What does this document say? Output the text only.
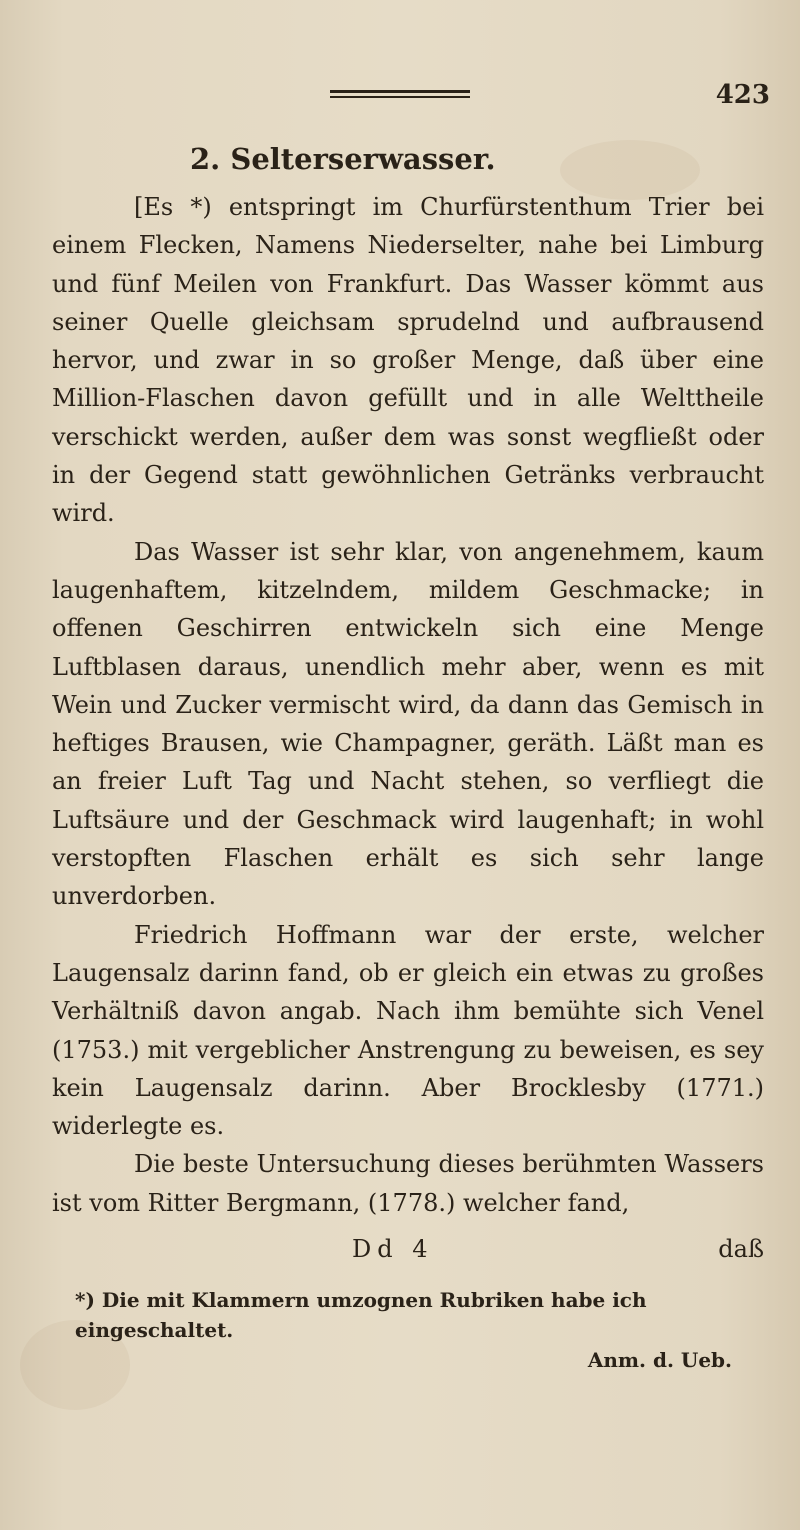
423
2. Selterserwasser.

[Es *) entspringt im Churfürstenthum Trier bei einem Flecken, Namens Niederselter, nahe bei Limburg und fünf Meilen von Frankfurt. Das Wasser kömmt aus seiner Quelle gleichsam sprudelnd und aufbrausend hervor, und zwar in so großer Menge, daß über eine Million-Flaschen davon gefüllt und in alle Welttheile verschickt werden, außer dem was sonst wegfließt oder in der Gegend statt gewöhnlichen Getränks verbraucht wird.

Das Wasser ist sehr klar, von angenehmem, kaum laugenhaftem, kitzelndem, mildem Geschmacke; in offenen Geschirren entwickeln sich eine Menge Luftblasen daraus, unendlich mehr aber, wenn es mit Wein und Zucker vermischt wird, da dann das Gemisch in heftiges Brausen, wie Champagner, geräth. Läßt man es an freier Luft Tag und Nacht stehen, so verfliegt die Luftsäure und der Geschmack wird laugenhaft; in wohl verstopften Flaschen erhält es sich sehr lange unverdorben.

Friedrich Hoffmann war der erste, welcher Laugensalz darinn fand, ob er gleich ein etwas zu großes Verhältniß davon angab. Nach ihm bemühte sich Venel (1753.) mit vergeblicher Anstrengung zu beweisen, es sey kein Laugensalz darinn. Aber Brocklesby (1771.) widerlegte es.

Die beste Untersuchung dieses berühmten Wassers ist vom Ritter Bergmann, (1778.) welcher fand,

Dd 4	daß
*) Die mit Klammern umzognen Rubriken habe ich eingeschaltet.
Anm. d. Ueb.
